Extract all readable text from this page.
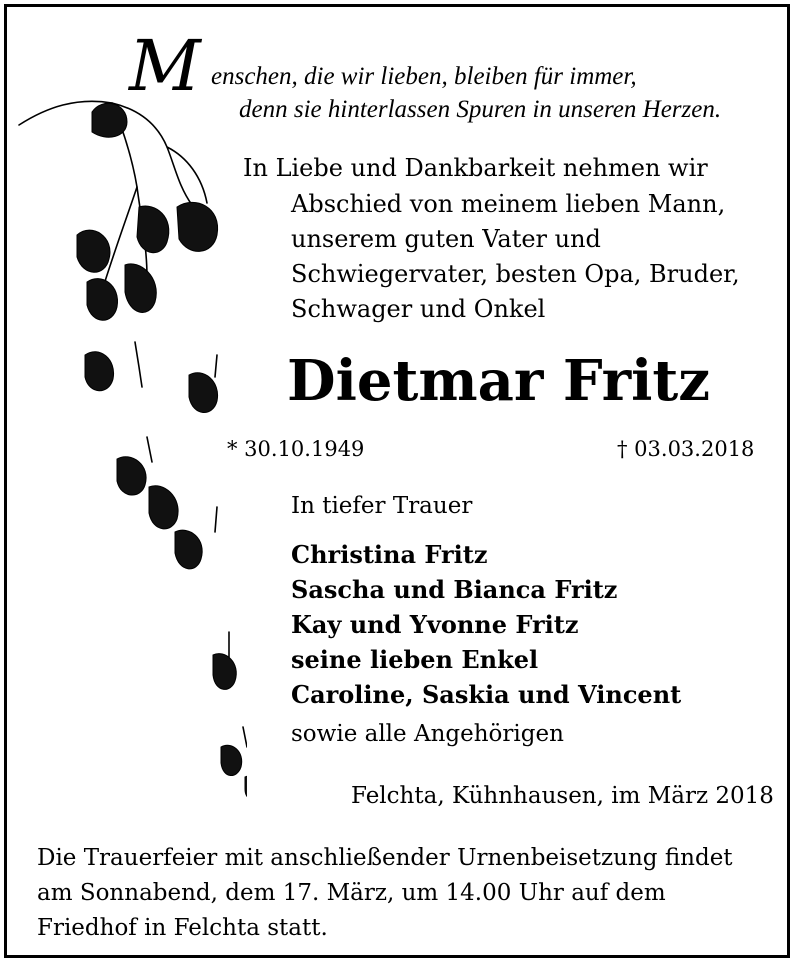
M enschen, die wir lieben, bleiben für immer,
denn sie hinterlassen Spuren in unseren Herzen.
In Liebe und Dankbarkeit nehmen wir
Abschied von meinem lieben Mann,
unserem guten Vater und
Schwiegervater, besten Opa, Bruder,
Schwager und Onkel
Dietmar Fritz
* 30.10.1949	† 03.03.2018
In tiefer Trauer
Christina Fritz
Sascha und Bianca Fritz
Kay und Yvonne Fritz
seine lieben Enkel
Caroline, Saskia und Vincent
sowie alle Angehörigen
Felchta, Kühnhausen, im März 2018
Die Trauerfeier mit anschließender Urnenbeisetzung findet
am Sonnabend, dem 17. März, um 14.00 Uhr auf dem
Friedhof in Felchta statt.
